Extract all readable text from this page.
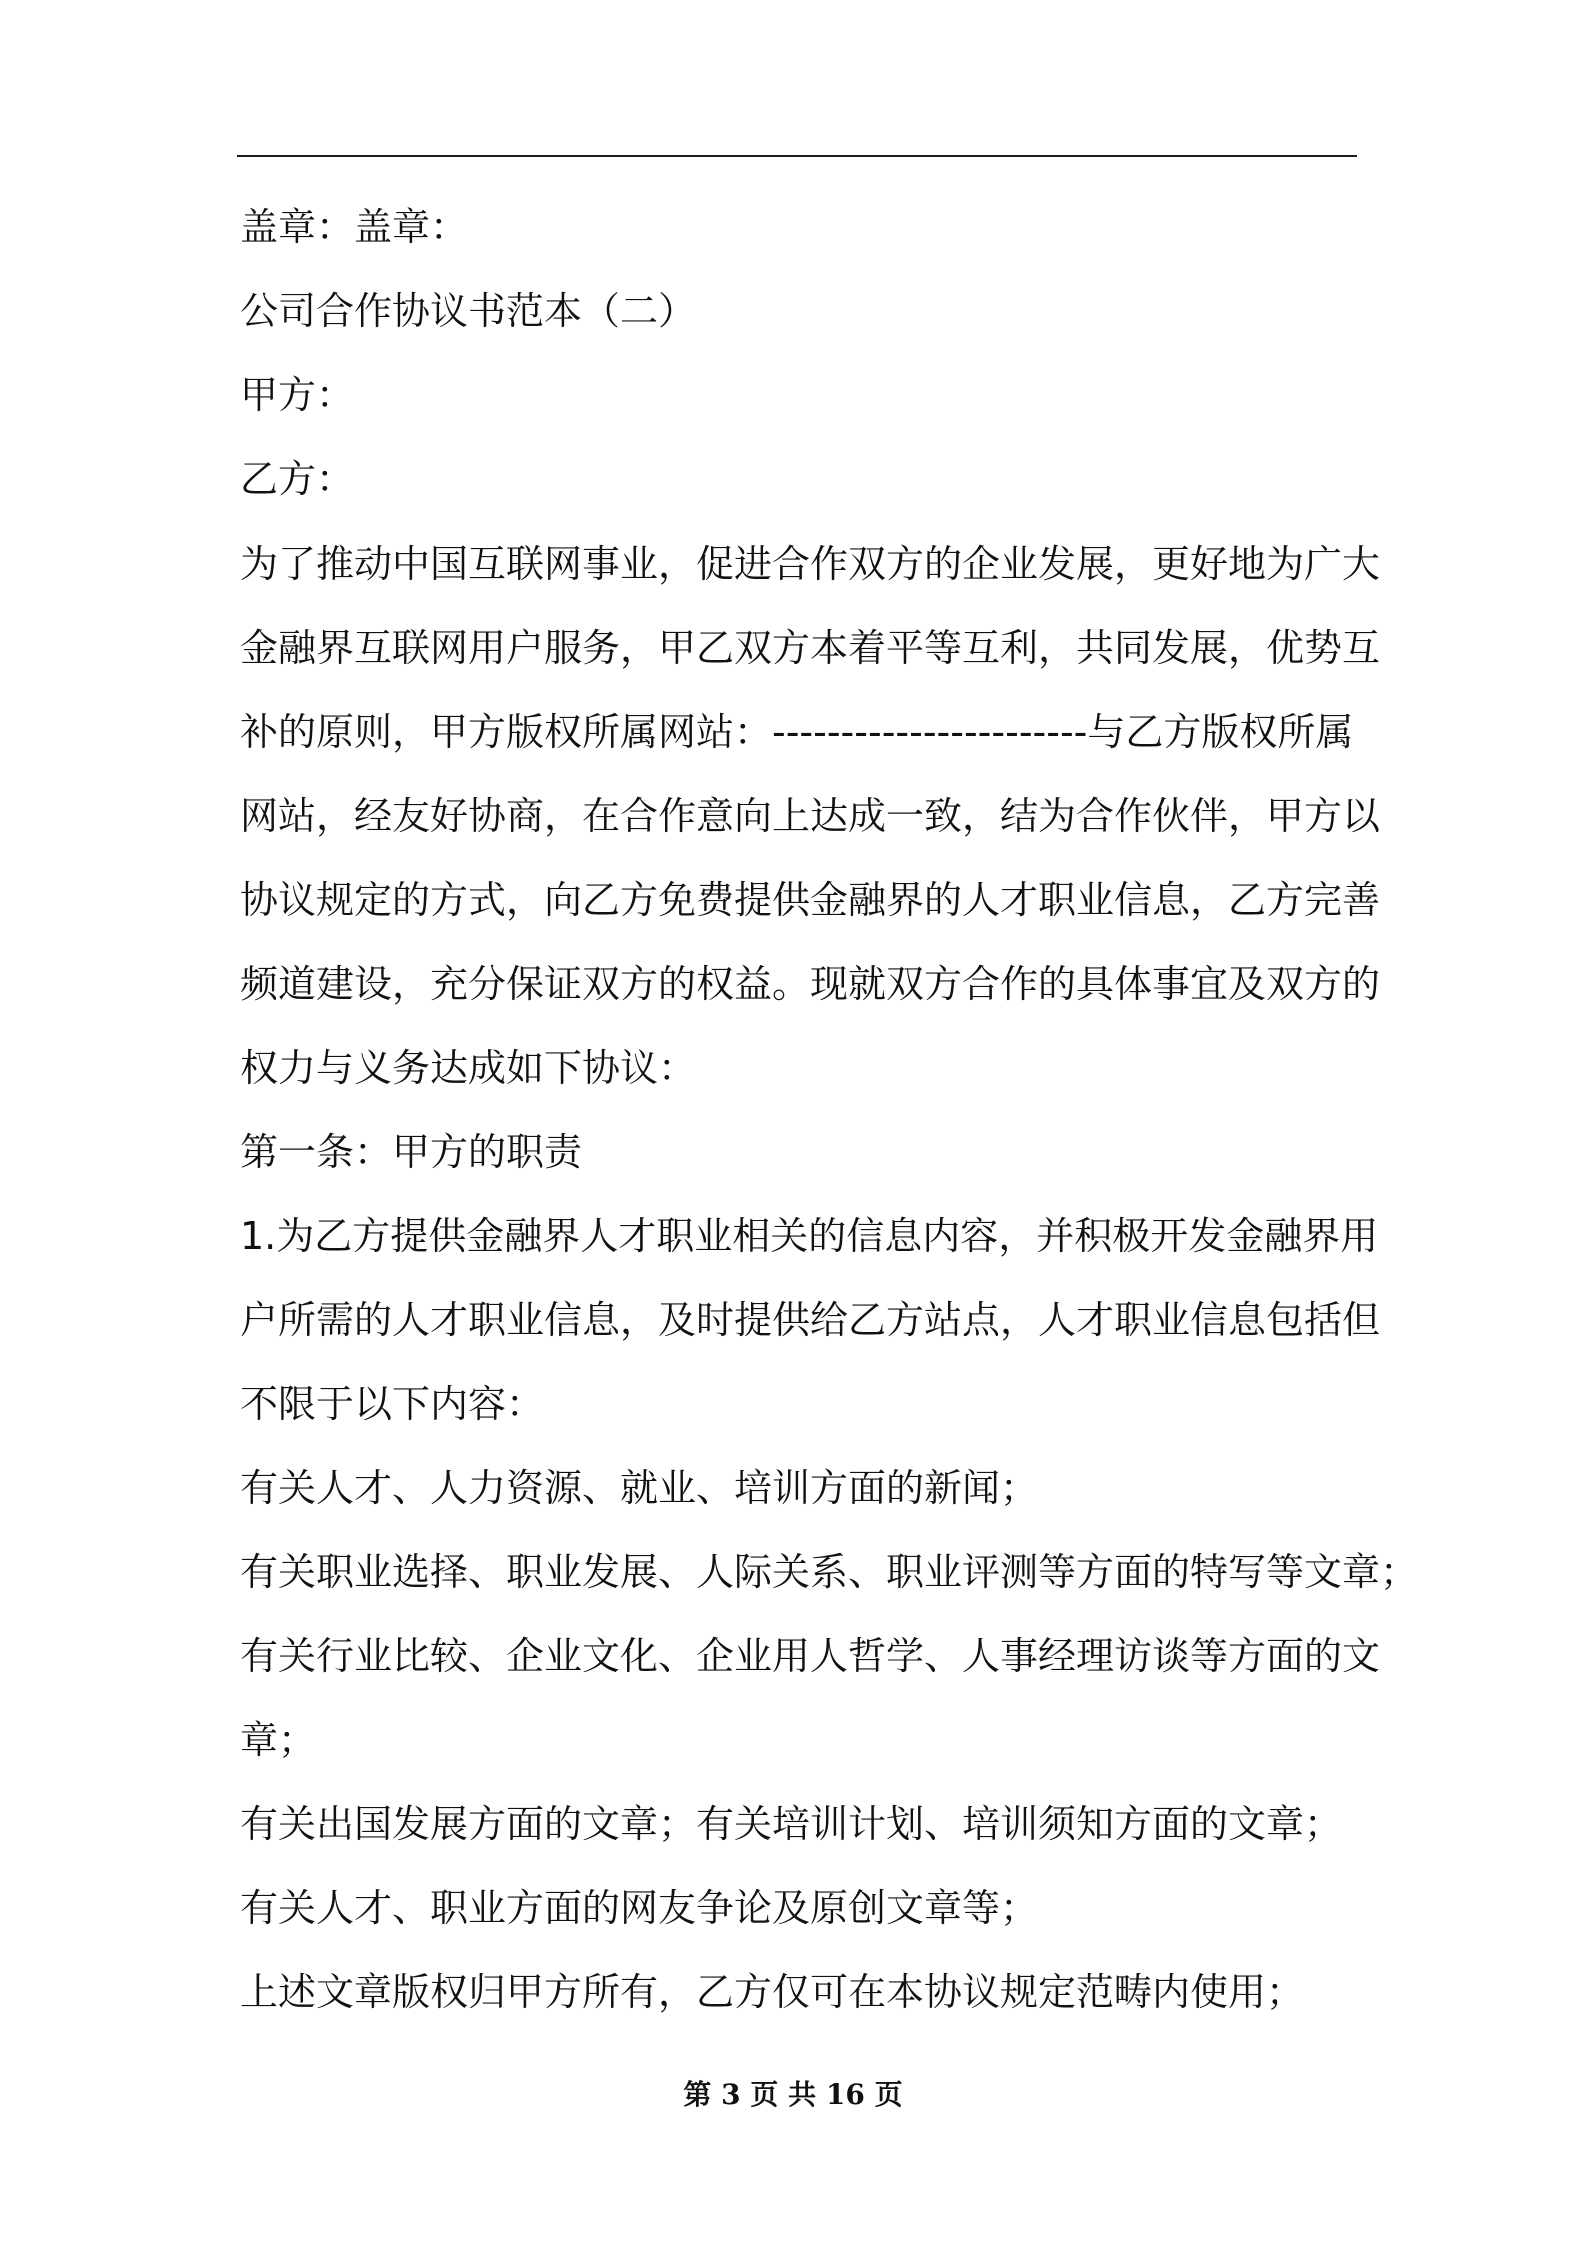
盖章：盖章：
公司合作协议书范本（二）
甲方：
乙方：
为了推动中国互联网事业，促进合作双方的企业发展，更好地为广大
金融界互联网用户服务，甲乙双方本着平等互利，共同发展，优势互
补的原则，甲方版权所属网站：-----------------------与乙方版权所属
网站，经友好协商，在合作意向上达成一致，结为合作伙伴，甲方以
协议规定的方式，向乙方免费提供金融界的人才职业信息，乙方完善
频道建设，充分保证双方的权益。现就双方合作的具体事宜及双方的
权力与义务达成如下协议：
第一条：甲方的职责
1.为乙方提供金融界人才职业相关的信息内容，并积极开发金融界用
户所需的人才职业信息，及时提供给乙方站点，人才职业信息包括但
不限于以下内容：
有关人才、人力资源、就业、培训方面的新闻；
有关职业选择、职业发展、人际关系、职业评测等方面的特写等文章；
有关行业比较、企业文化、企业用人哲学、人事经理访谈等方面的文
章；
有关出国发展方面的文章；有关培训计划、培训须知方面的文章；
有关人才、职业方面的网友争论及原创文章等；
上述文章版权归甲方所有，乙方仅可在本协议规定范畴内使用；
第 3 页 共 16 页
